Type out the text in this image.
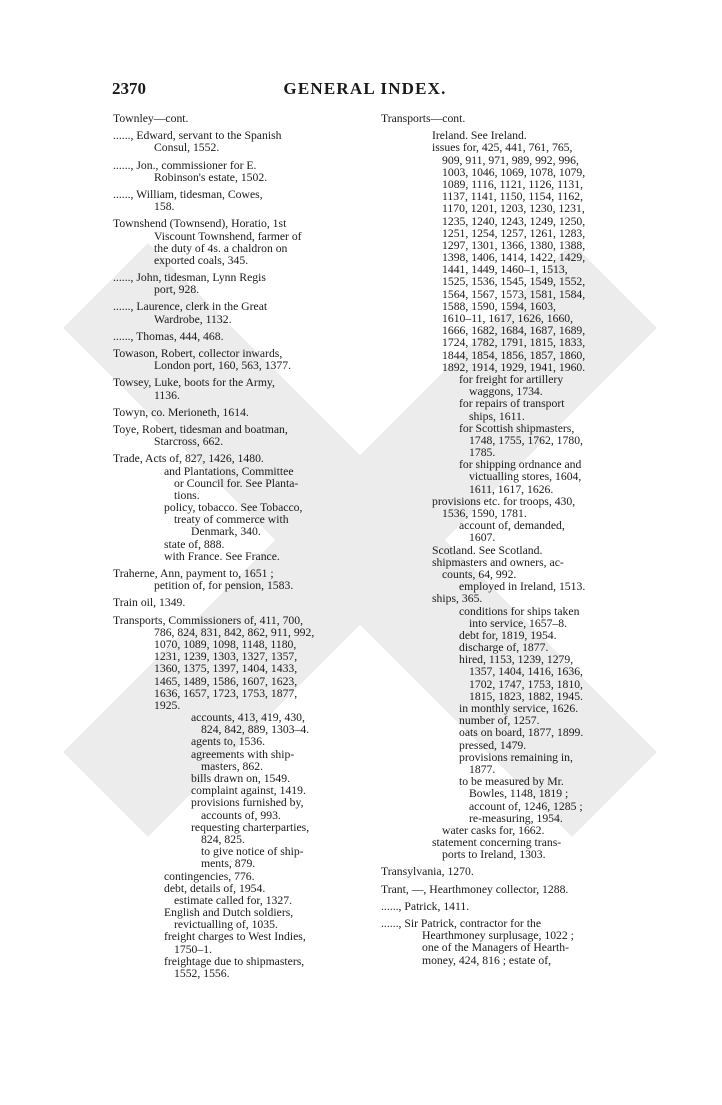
2370	GENERAL INDEX.
Townley—cont.
......, Edward, servant to the Spanish
Consul, 1552.
......, Jon., commissioner for E.
Robinson's estate, 1502.
......, William, tidesman, Cowes,
158.
Townshend (Townsend), Horatio, 1st
Viscount Townshend, farmer of
the duty of 4s. a chaldron on
exported coals, 345.
......, John, tidesman, Lynn Regis
port, 928.
......, Laurence, clerk in the Great
Wardrobe, 1132.
......, Thomas, 444, 468.
Towason, Robert, collector inwards,
London port, 160, 563, 1377.
Towsey, Luke, boots for the Army,
1136.
Towyn, co. Merioneth, 1614.
Toye, Robert, tidesman and boatman,
Starcross, 662.
Trade, Acts of, 827, 1426, 1480.
and Plantations, Committee
or Council for. See Planta-
tions.
policy, tobacco. See Tobacco,
treaty of commerce with
Denmark, 340.
state of, 888.
with France. See France.
Traherne, Ann, payment to, 1651 ;
petition of, for pension, 1583.
Train oil, 1349.
Transports, Commissioners of, 411, 700,
786, 824, 831, 842, 862, 911, 992,
1070, 1089, 1098, 1148, 1180,
1231, 1239, 1303, 1327, 1357,
1360, 1375, 1397, 1404, 1433,
1465, 1489, 1586, 1607, 1623,
1636, 1657, 1723, 1753, 1877,
1925.
accounts, 413, 419, 430,
824, 842, 889, 1303–4.
agents to, 1536.
agreements with ship-
masters, 862.
bills drawn on, 1549.
complaint against, 1419.
provisions furnished by,
accounts of, 993.
requesting charterparties,
824, 825.
to give notice of ship-
ments, 879.
contingencies, 776.
debt, details of, 1954.
estimate called for, 1327.
English and Dutch soldiers,
revictualling of, 1035.
freight charges to West Indies,
1750–1.
freightage due to shipmasters,
1552, 1556.
Transports—cont.
Ireland. See Ireland.
issues for, 425, 441, 761, 765,
909, 911, 971, 989, 992, 996,
1003, 1046, 1069, 1078, 1079,
1089, 1116, 1121, 1126, 1131,
1137, 1141, 1150, 1154, 1162,
1170, 1201, 1203, 1230, 1231,
1235, 1240, 1243, 1249, 1250,
1251, 1254, 1257, 1261, 1283,
1297, 1301, 1366, 1380, 1388,
1398, 1406, 1414, 1422, 1429,
1441, 1449, 1460–1, 1513,
1525, 1536, 1545, 1549, 1552,
1564, 1567, 1573, 1581, 1584,
1588, 1590, 1594, 1603,
1610–11, 1617, 1626, 1660,
1666, 1682, 1684, 1687, 1689,
1724, 1782, 1791, 1815, 1833,
1844, 1854, 1856, 1857, 1860,
1892, 1914, 1929, 1941, 1960.
for freight for artillery
waggons, 1734.
for repairs of transport
ships, 1611.
for Scottish shipmasters,
1748, 1755, 1762, 1780,
1785.
for shipping ordnance and
victualling stores, 1604,
1611, 1617, 1626.
provisions etc. for troops, 430,
1536, 1590, 1781.
account of, demanded,
1607.
Scotland. See Scotland.
shipmasters and owners, ac-
counts, 64, 992.
employed in Ireland, 1513.
ships, 365.
conditions for ships taken
into service, 1657–8.
debt for, 1819, 1954.
discharge of, 1877.
hired, 1153, 1239, 1279,
1357, 1404, 1416, 1636,
1702, 1747, 1753, 1810,
1815, 1823, 1882, 1945.
in monthly service, 1626.
number of, 1257.
oats on board, 1877, 1899.
pressed, 1479.
provisions remaining in,
1877.
to be measured by Mr.
Bowles, 1148, 1819 ;
account of, 1246, 1285 ;
re-measuring, 1954.
water casks for, 1662.
statement concerning trans-
ports to Ireland, 1303.
Transylvania, 1270.
Trant, —, Hearthmoney collector, 1288.
......, Patrick, 1411.
......, Sir Patrick, contractor for the
Hearthmoney surplusage, 1022 ;
one of the Managers of Hearth-
money, 424, 816 ; estate of,
